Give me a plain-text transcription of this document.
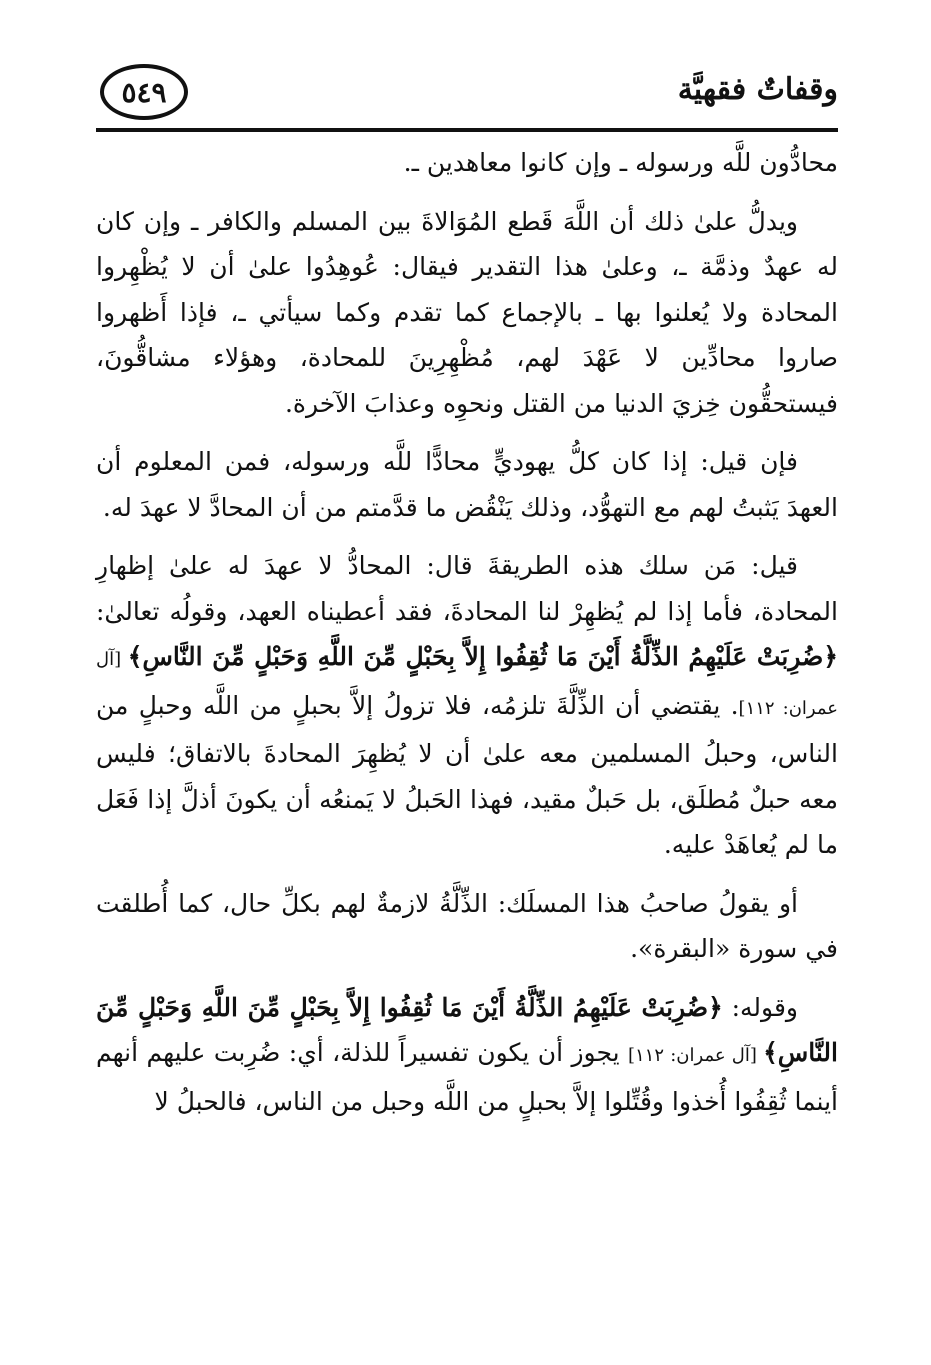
وقفاتٌ فقهيَّة
٥٤٩

محادُّون للَّه ورسوله ـ وإن كانوا معاهدين ـ.

ويدلُّ علىٰ ذلك أن اللَّهَ قَطع المُوَالاةَ بين المسلم والكافر ـ وإن كان له عهدٌ وذمَّة ـ، وعلىٰ هذا التقدير فيقال: عُوهِدُوا علىٰ أن لا يُظْهِروا المحادة ولا يُعلنوا بها ـ بالإجماع كما تقدم وكما سيأتي ـ، فإذا أَظهروا صاروا محادِّين لا عَهْدَ لهم، مُظْهِرِينَ للمحادة، وهؤلاء مشاقُّونَ، فيستحقُّون خِزيَ الدنيا من القتل ونحوِه وعذابَ الآخرة.

فإن قيل: إذا كان كلُّ يهوديٍّ محادًّا للَّه ورسوله، فمن المعلوم أن العهدَ يَثبتُ لهم مع التهوُّد، وذلك يَنْقُض ما قدَّمتم من أن المحادَّ لا عهدَ له.

قيل: مَن سلك هذه الطريقةَ قال: المحادُّ لا عهدَ له علىٰ إظهارِ المحادة، فأما إذا لم يُظهِرْ لنا المحادةَ، فقد أعطيناه العهد، وقولُه تعالىٰ: ﴿ضُرِبَتْ عَلَيْهِمُ الذِّلَّةُ أَيْنَ مَا ثُقِفُوا إِلاَّ بِحَبْلٍ مِّنَ اللَّهِ وَحَبْلٍ مِّنَ النَّاسِ﴾ [آل عمران: ١١٢]. يقتضي أن الذِّلَّةَ تلزمُه، فلا تزولُ إلاَّ بحبلٍ من اللَّه وحبلٍ من الناس، وحبلُ المسلمين معه علىٰ أن لا يُظهِرَ المحادةَ بالاتفاق؛ فليس معه حبلٌ مُطلَق، بل حَبلٌ مقيد، فهذا الحَبلُ لا يَمنعُه أن يكونَ أذلَّ إذا فَعَل ما لم يُعاهَدْ عليه.

أو يقولُ صاحبُ هذا المسلَك: الذِّلَّةُ لازمةٌ لهم بكلِّ حال، كما أُطلقت في سورة «البقرة».

وقوله: ﴿ضُرِبَتْ عَلَيْهِمُ الذِّلَّةُ أَيْنَ مَا ثُقِفُوا إِلاَّ بِحَبْلٍ مِّنَ اللَّهِ وَحَبْلٍ مِّنَ النَّاسِ﴾ [آل عمران: ١١٢] يجوز أن يكون تفسيراً للذلة، أي: ضُرِبت عليهم أنهم أينما ثُقِفُوا أُخذوا وقُتِّلوا إلاَّ بحبلٍ من اللَّه وحبل من الناس، فالحبلُ لا
